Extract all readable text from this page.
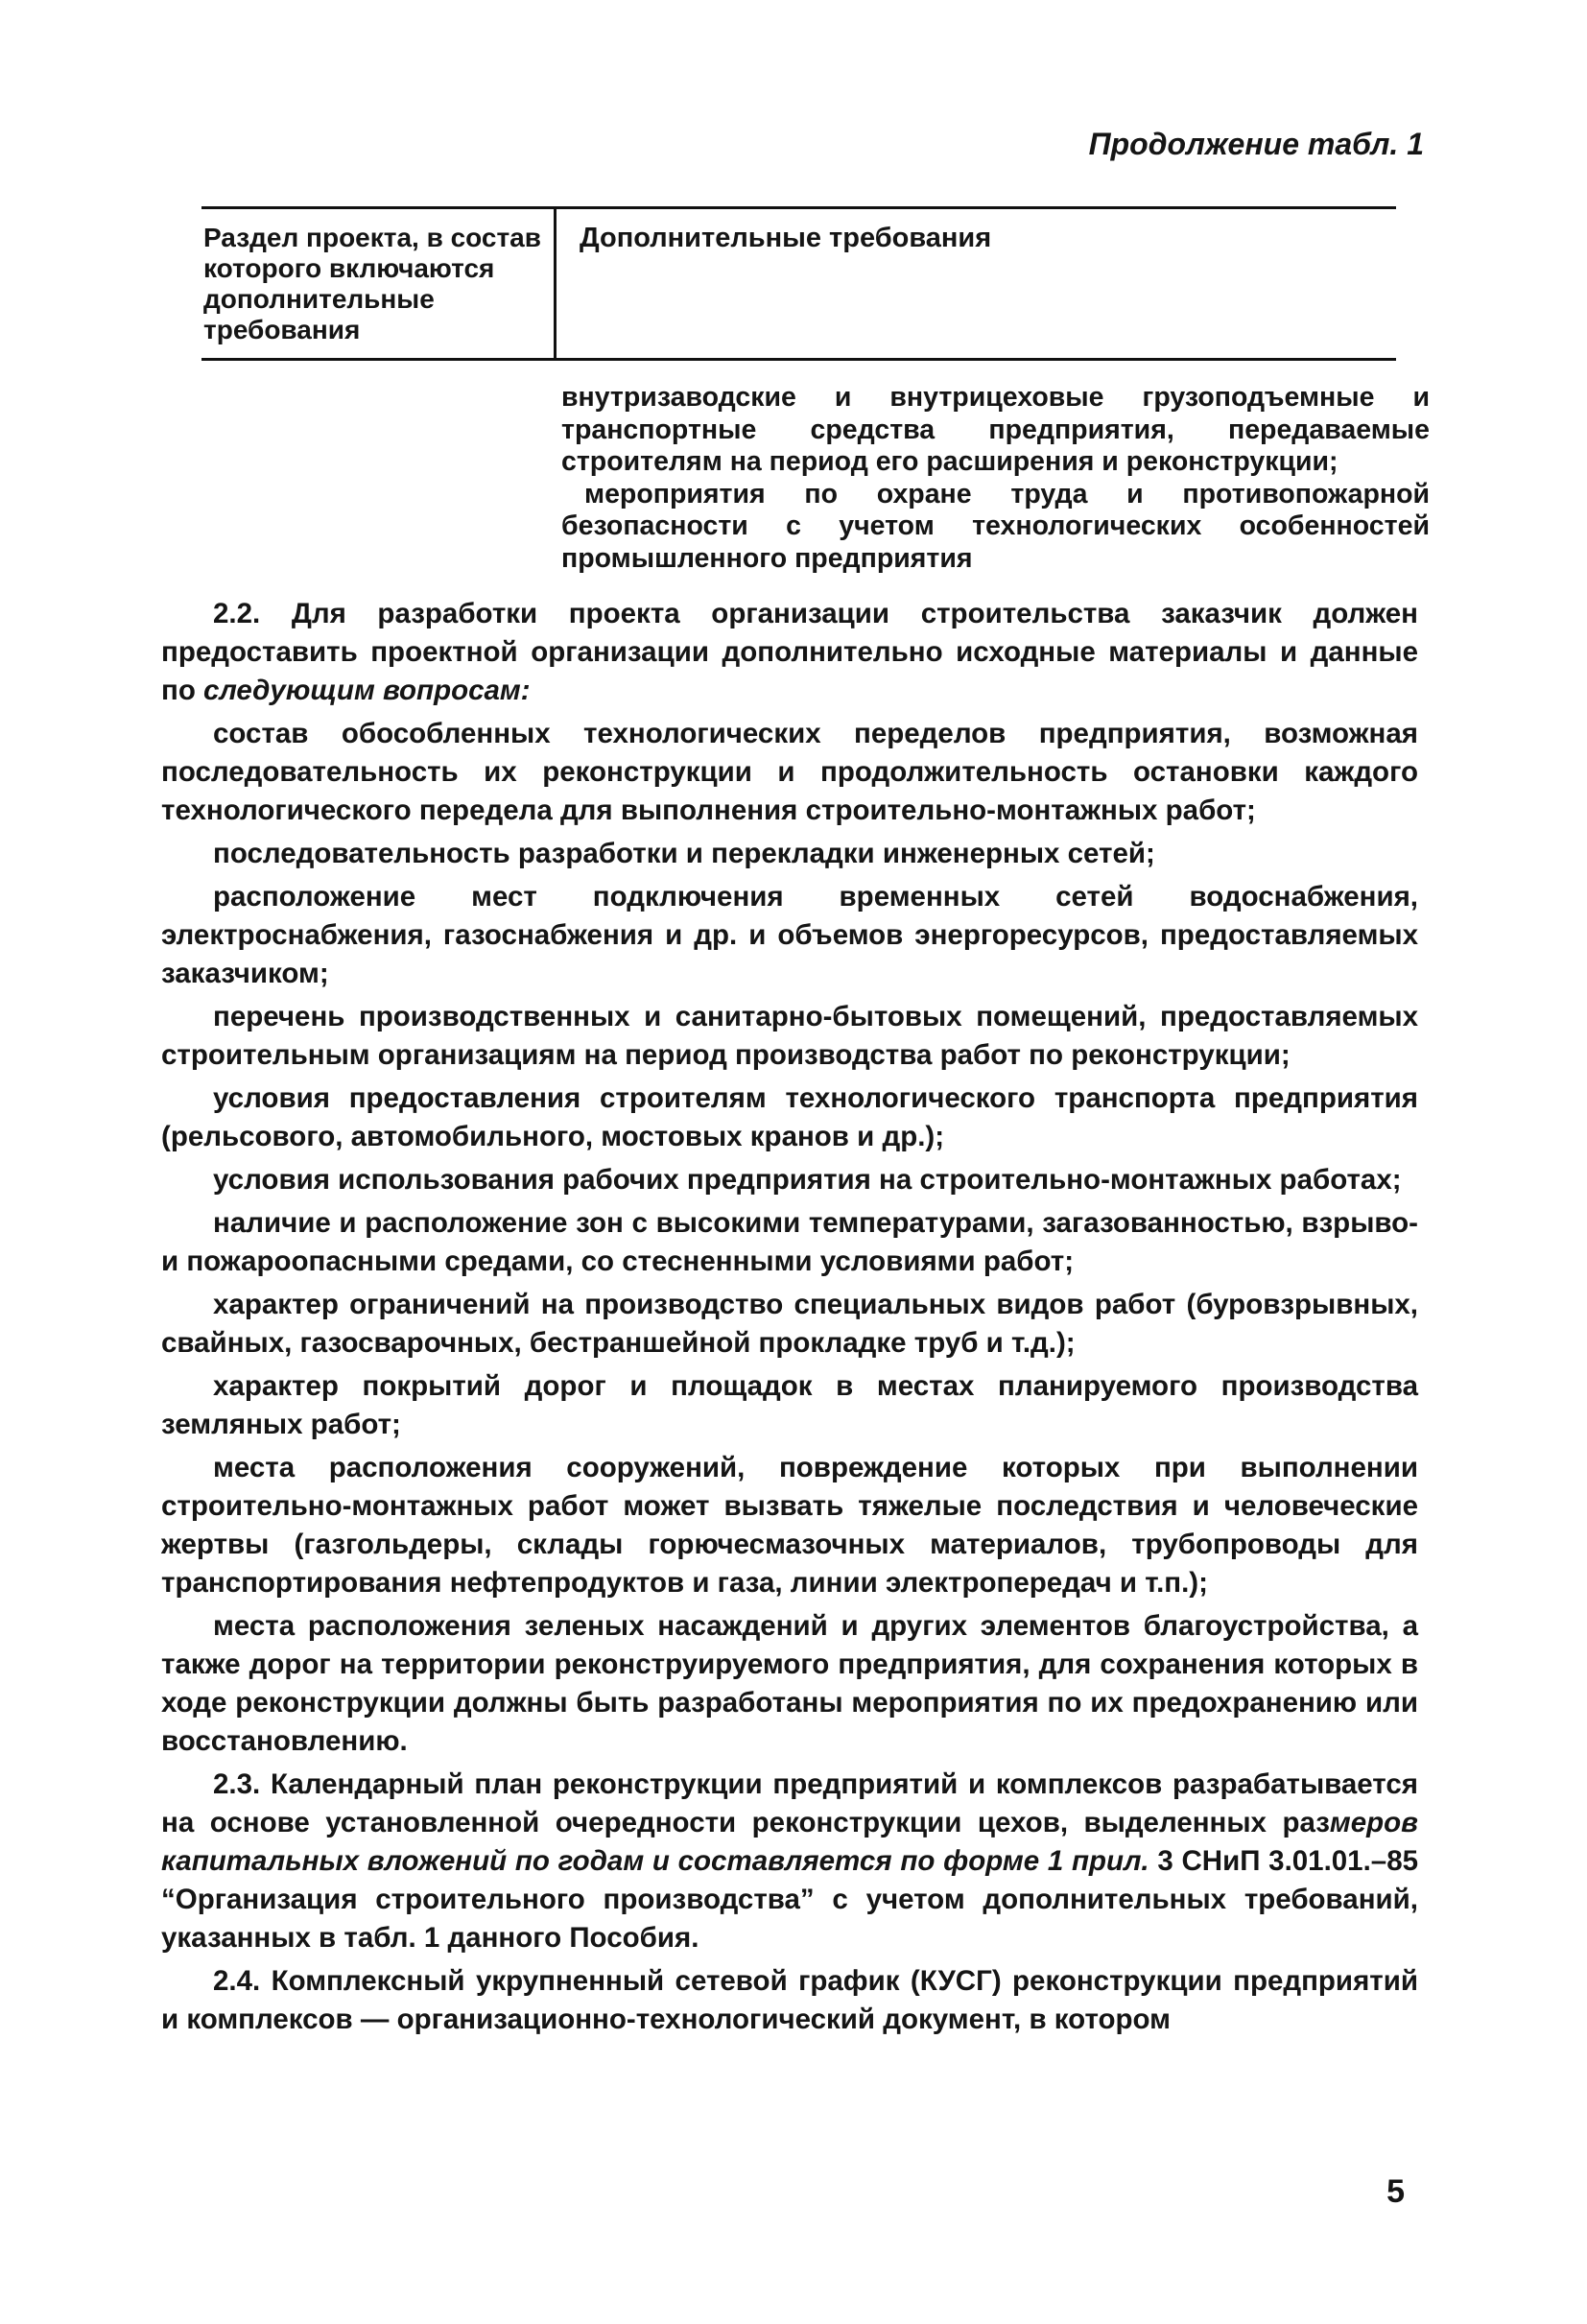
Продолжение табл. 1
Раздел проекта, в состав которого включаются дополнительные требования
Дополнительные требования

внутризаводские и внутрицеховые грузоподъемные и транспортные средства предприятия, передаваемые строителям на период его расширения и реконструкции;

мероприятия по охране труда и противопожарной безопасности с учетом технологических особенностей промышленного предприятия

2.2. Для разработки проекта организации строительства заказчик должен предоставить проектной организации дополнительно исходные материалы и данные по следующим вопросам:

состав обособленных технологических переделов предприятия, возможная последовательность их реконструкции и продолжительность остановки каждого технологического передела для выполнения строительно-монтажных работ;

последовательность разработки и перекладки инженерных сетей;

расположение мест подключения временных сетей водоснабжения, электроснабжения, газоснабжения и др. и объемов энергоресурсов, предоставляемых заказчиком;

перечень производственных и санитарно-бытовых помещений, предоставляемых строительным организациям на период производства работ по реконструкции;

условия предоставления строителям технологического транспорта предприятия (рельсового, автомобильного, мостовых кранов и др.);

условия использования рабочих предприятия на строительно-монтажных работах;

наличие и расположение зон с высокими температурами, загазованностью, взрыво- и пожароопасными средами, со стесненными условиями работ;

характер ограничений на производство специальных видов работ (буровзрывных, свайных, газосварочных, бестраншейной прокладке труб и т.д.);

характер покрытий дорог и площадок в местах планируемого производства земляных работ;

места расположения сооружений, повреждение которых при выполнении строительно-монтажных работ может вызвать тяжелые последствия и человеческие жертвы (газгольдеры, склады горючесмазочных материалов, трубопроводы для транспортирования нефтепродуктов и газа, линии электропередач и т.п.);

места расположения зеленых насаждений и других элементов благоустройства, а также дорог на территории реконструируемого предприятия, для сохранения которых в ходе реконструкции должны быть разработаны мероприятия по их предохранению или восстановлению.

2.3. Календарный план реконструкции предприятий и комплексов разрабатывается на основе установленной очередности реконструкции цехов, выделенных размеров капитальных вложений по годам и составляется по форме 1 прил. 3 СНиП 3.01.01.–85 “Организация строительного производства” с учетом дополнительных требований, указанных в табл. 1 данного Пособия.

2.4. Комплексный укрупненный сетевой график (КУСГ) реконструкции предприятий и комплексов — организационно-технологический документ, в котором

5
